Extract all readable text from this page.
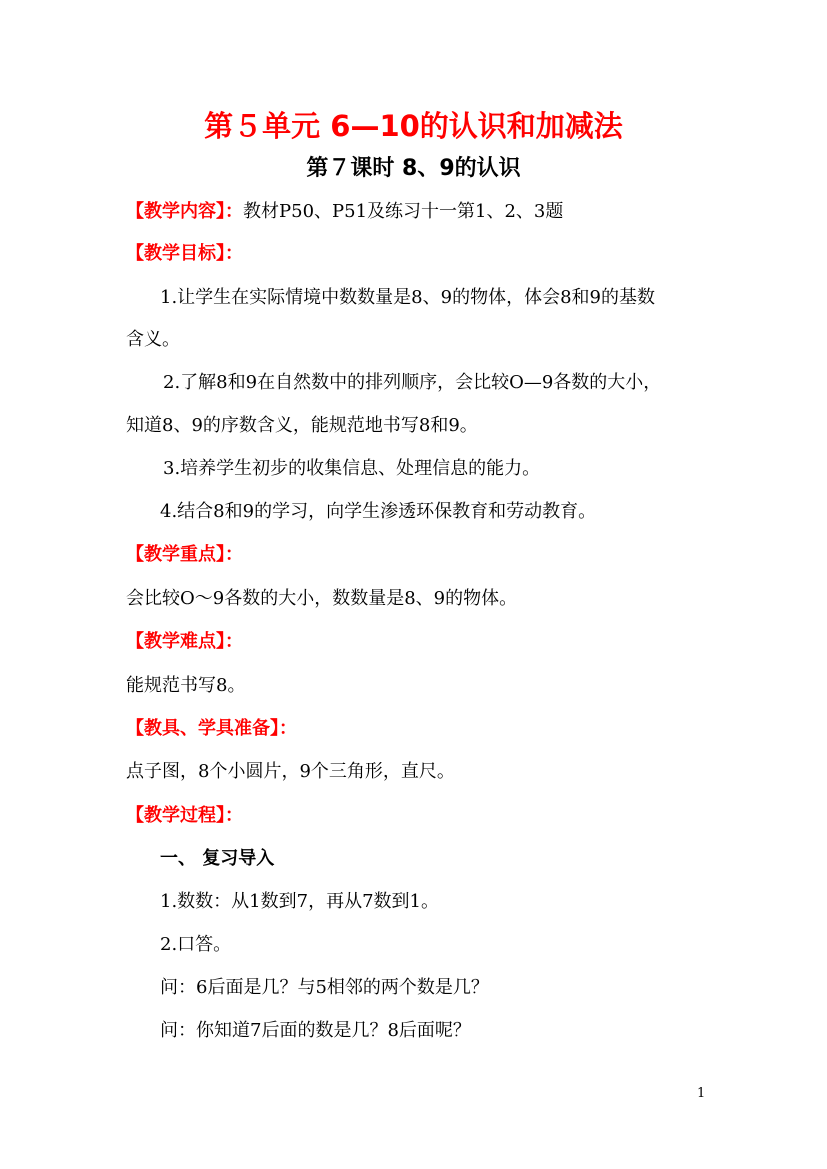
第５单元 6—10的认识和加减法
第７课时 8、9的认识
【教学内容】：教材P50、P51及练习十一第1、2、3题
【教学目标】：
1.让学生在实际情境中数数量是8、9的物体，体会8和9的基数
含义。
2.了解8和9在自然数中的排列顺序，会比较O—9各数的大小，
知道8、9的序数含义，能规范地书写8和9。
3.培养学生初步的收集信息、处理信息的能力。
4.结合8和9的学习，向学生渗透环保教育和劳动教育。
【教学重点】：
会比较O～9各数的大小，数数量是8、9的物体。
【教学难点】：
能规范书写8。
【教具、学具准备】：
点子图，8个小圆片，9个三角形，直尺。
【教学过程】：
一、 复习导入
1.数数：从1数到7，再从7数到1。
2.口答。
问：6后面是几？与5相邻的两个数是几？
问：你知道7后面的数是几？8后面呢？
1
